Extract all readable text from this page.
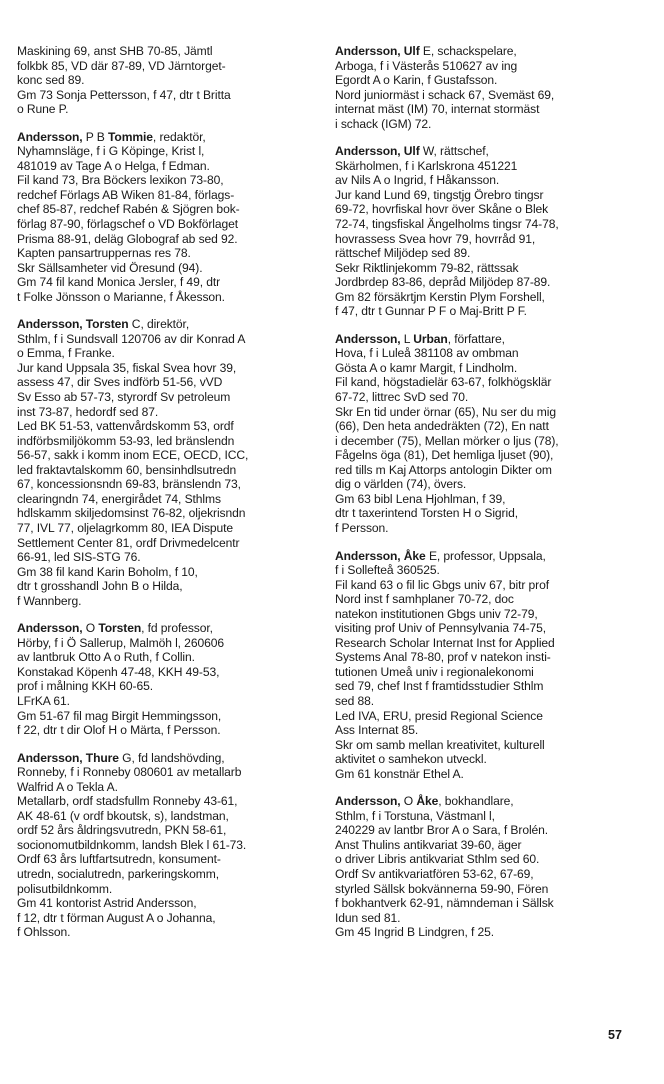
Maskining 69, anst SHB 70-85, Jämtl
folkbk 85, VD där 87-89, VD Järntorget-
konc sed 89.
Gm 73 Sonja Pettersson, f 47, dtr t Britta
o Rune P.
Andersson, P B Tommie, redaktör,
Nyhamnsläge, f i G Köpinge, Krist l,
481019 av Tage A o Helga, f Edman.
Fil kand 73, Bra Böckers lexikon 73-80,
redchef Förlags AB Wiken 81-84, förlags-
chef 85-87, redchef Rabén & Sjögren bok-
förlag 87-90, förlagschef o VD Bokförlaget
Prisma 88-91, deläg Globograf ab sed 92.
Kapten pansartruppernas res 78.
Skr Sällsamheter vid Öresund (94).
Gm 74 fil kand Monica Jersler, f 49, dtr
t Folke Jönsson o Marianne, f Åkesson.
Andersson, Torsten C, direktör,
Sthlm, f i Sundsvall 120706 av dir Konrad A
o Emma, f Franke.
Jur kand Uppsala 35, fiskal Svea hovr 39,
assess 47, dir Sves indförb 51-56, vVD
Sv Esso ab 57-73, styrordf Sv petroleum
inst 73-87, hedordf sed 87.
Led BK 51-53, vattenvårdskomm 53, ordf
indförbsmiljökomm 53-93, led bränslendn
56-57, sakk i komm inom ECE, OECD, ICC,
led fraktavtalskomm 60, bensinhdlsutredn
67, koncessionsndn 69-83, bränslendn 73,
clearingndn 74, energirådet 74, Sthlms
hdlskamm skiljedomsinst 76-82, oljekrisndn
77, IVL 77, oljelagrkomm 80, IEA Dispute
Settlement Center 81, ordf Drivmedelcentr
66-91, led SIS-STG 76.
Gm 38 fil kand Karin Boholm, f 10,
dtr t grosshandl John B o Hilda,
f Wannberg.
Andersson, O Torsten, fd professor,
Hörby, f i Ö Sallerup, Malmöh l, 260606
av lantbruk Otto A o Ruth, f Collin.
Konstakad Köpenh 47-48, KKH 49-53,
prof i målning KKH 60-65.
LFrKA 61.
Gm 51-67 fil mag Birgit Hemmingsson,
f 22, dtr t dir Olof H o Märta, f Persson.
Andersson, Thure G, fd landshövding,
Ronneby, f i Ronneby 080601 av metallarb
Walfrid A o Tekla A.
Metallarb, ordf stadsfullm Ronneby 43-61,
AK 48-61 (v ordf bkoutsk, s), landstman,
ordf 52 års åldringsvutredn, PKN 58-61,
socionomutbildnkomm, landsh Blek l 61-73.
Ordf 63 års luftfartsutredn, konsument-
utredn, socialutredn, parkeringskomm,
polisutbildnkomm.
Gm 41 kontorist Astrid Andersson,
f 12, dtr t förman August A o Johanna,
f Ohlsson.
Andersson, Ulf E, schackspelare,
Arboga, f i Västerås 510627 av ing
Egordt A o Karin, f Gustafsson.
Nord juniormäst i schack 67, Svemäst 69,
internat mäst (IM) 70, internat stormäst
i schack (IGM) 72.
Andersson, Ulf W, rättschef,
Skärholmen, f i Karlskrona 451221
av Nils A o Ingrid, f Håkansson.
Jur kand Lund 69, tingstjg Örebro tingsr
69-72, hovrfiskal hovr över Skåne o Blek
72-74, tingsfiskal Ängelholms tingsr 74-78,
hovrassess Svea hovr 79, hovrråd 91,
rättschef Miljödep sed 89.
Sekr Riktlinjekomm 79-82, rättssak
Jordbrdep 83-86, depråd Miljödep 87-89.
Gm 82 försäkrtjm Kerstin Plym Forshell,
f 47, dtr t Gunnar P F o Maj-Britt P F.
Andersson, L Urban, författare,
Hova, f i Luleå 381108 av ombman
Gösta A o kamr Margit, f Lindholm.
Fil kand, högstadielär 63-67, folkhögsklär
67-72, littrec SvD sed 70.
Skr En tid under örnar (65), Nu ser du mig
(66), Den heta andedräkten (72), En natt
i december (75), Mellan mörker o ljus (78),
Fågelns öga (81), Det hemliga ljuset (90),
red tills m Kaj Attorps antologin Dikter om
dig o världen (74), övers.
Gm 63 bibl Lena Hjohlman, f 39,
dtr t taxerintend Torsten H o Sigrid,
f Persson.
Andersson, Åke E, professor, Uppsala,
f i Sollefteå 360525.
Fil kand 63 o fil lic Gbgs univ 67, bitr prof
Nord inst f samhplaner 70-72, doc
natekon institutionen Gbgs univ 72-79,
visiting prof Univ of Pennsylvania 74-75,
Research Scholar Internat Inst for Applied
Systems Anal 78-80, prof v natekon insti-
tutionen Umeå univ i regionalekonomi
sed 79, chef Inst f framtidsstudier Sthlm
sed 88.
Led IVA, ERU, presid Regional Science
Ass Internat 85.
Skr om samb mellan kreativitet, kulturell
aktivitet o samhekon utveckl.
Gm 61 konstnär Ethel A.
Andersson, O Åke, bokhandlare,
Sthlm, f i Torstuna, Västmanl l,
240229 av lantbr Bror A o Sara, f Brolén.
Anst Thulins antikvariat 39-60, äger
o driver Libris antikvariat Sthlm sed 60.
Ordf Sv antikvariatfören 53-62, 67-69,
styrled Sällsk bokvännerna 59-90, Fören
f bokhantverk 62-91, nämndeman i Sällsk
Idun sed 81.
Gm 45 Ingrid B Lindgren, f 25.
57
